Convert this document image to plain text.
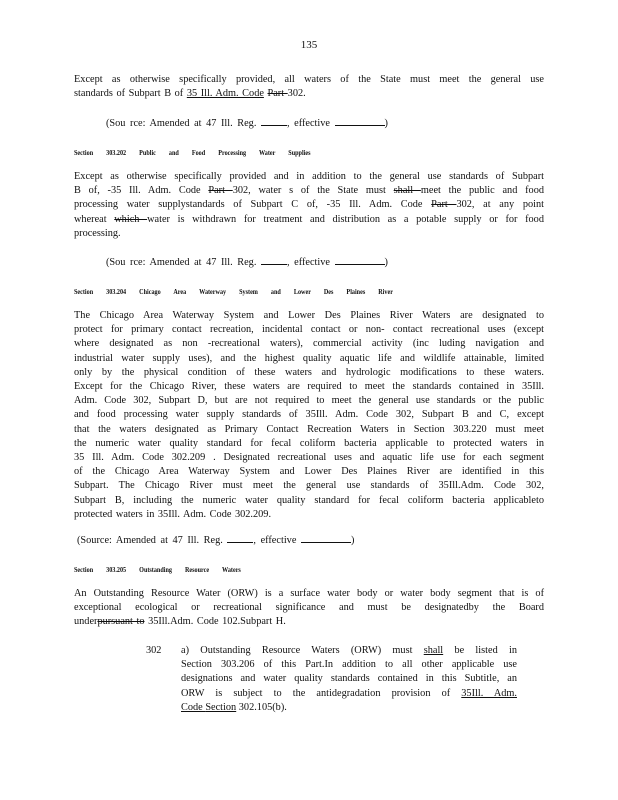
135
Except as otherwise specifically provided, all waters of the State must meet the general use
standards of Subpart B of 35 Ill. Adm. Code Part 302.
(Sou rce: Amended at 47 Ill. Reg.	, effective	)
Section 303.202 Public and Food Processing Water Supplies
Except as otherwise specifically provided and in addition to the general use standards of Subpart
B of, -35 Ill. Adm. Code Part 302, water s of the State must shall meet the public and food
processing water supplystandards of Subpart C of, -35 Ill. Adm. Code Part 302, at any point
whereat which water is withdrawn for treatment and distribution as a potable supply or for food
processing.
(Sou rce: Amended at 47 Ill. Reg.	, effective	)
Section 303.204 Chicago Area Waterway System and Lower Des Plaines River
The Chicago Area Waterway System and Lower Des Plaines River Waters are designated to
protect for primary contact recreation, incidental contact or non- contact recreational uses (except
where designated as non -recreational waters), commercial activity (inc luding navigation and
industrial water supply uses), and the highest quality aquatic life and wildlife attainable, limited
only by the physical condition of these waters and hydrologic modifications to these waters.
Except for the Chicago River, these waters are required to meet the standards contained in 35Ill.
Adm. Code 302, Subpart D, but are not required to meet the general use standards or the public
and food processing water supply standards of 35Ill. Adm. Code 302, Subpart B and C, except
that the waters designated as Primary Contact Recreation Waters in Section 303.220 must meet
the numeric water quality standard for fecal coliform bacteria applicable to protected waters in
35 Ill. Adm. Code 302.209 . Designated recreational uses and aquatic life use for each segment
of the Chicago Area Waterway System and Lower Des Plaines River are identified in this
Subpart. The Chicago River must meet the general use standards of 35Ill.Adm. Code 302,
Subpart B, including the numeric water quality standard for fecal coliform bacteria applicableto
protected waters in 35Ill. Adm. Code 302.209.
(Source: Amended at 47 Ill. Reg.	, effective	)
Section 303.205 Outstanding Resource Waters
An Outstanding Resource Water (ORW) is a surface water body or water body segment that is of
exceptional ecological or recreational significance and must be designatedby the Board
underpursuant to 35Ill.Adm. Code 102.Subpart H.
302 a) Outstanding Resource Waters (ORW) must shall be listed in
Section 303.206 of this Part.In addition to all other applicable use
designations and water quality standards contained in this Subtitle, an
ORW is subject to the antidegradation provision of 35Ill. Adm.
Code Section 302.105(b).
